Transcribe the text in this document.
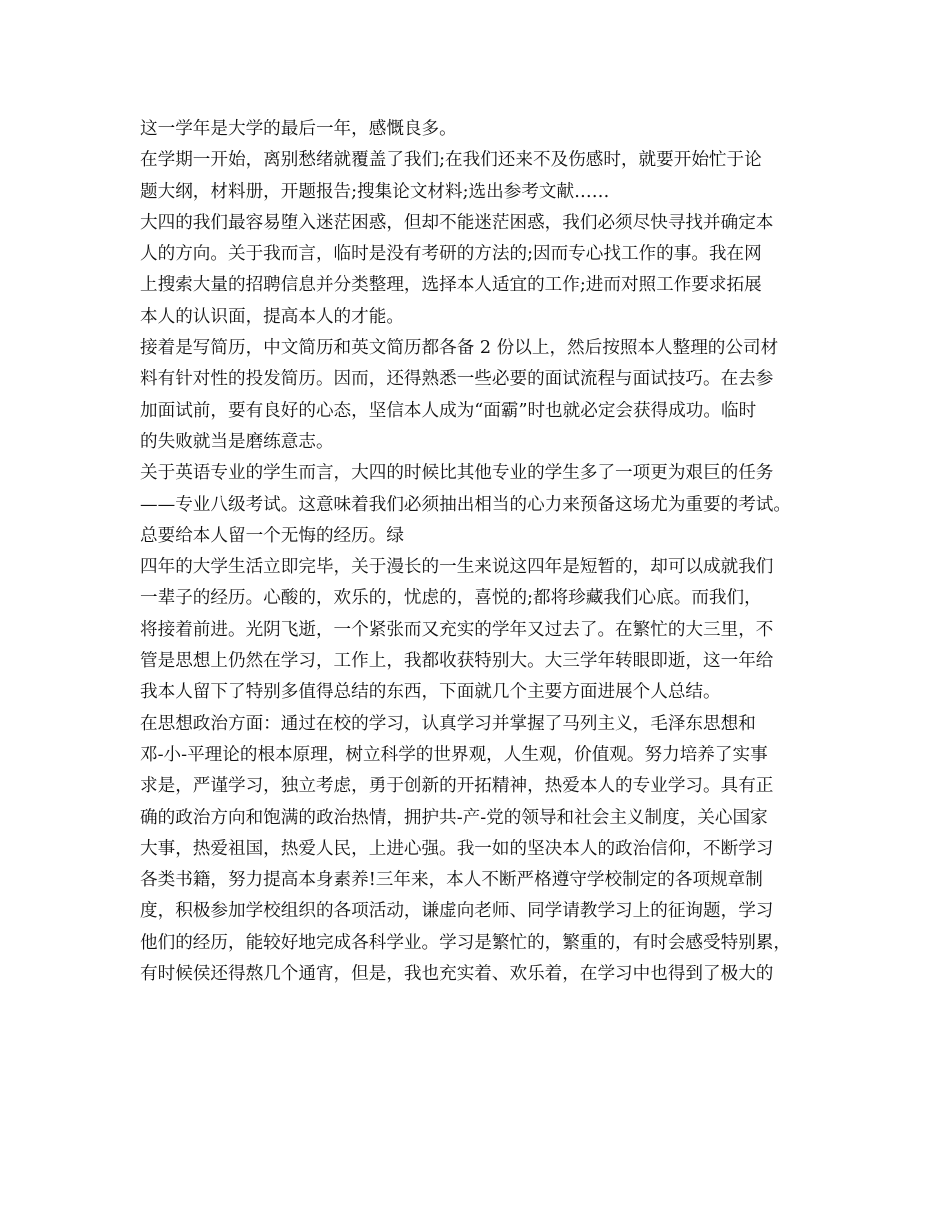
这一学年是大学的最后一年，感慨良多。
在学期一开始，离别愁绪就覆盖了我们;在我们还来不及伤感时，就要开始忙于论
题大纲，材料册，开题报告;搜集论文材料;选出参考文献……
大四的我们最容易堕入迷茫困惑，但却不能迷茫困惑，我们必须尽快寻找并确定本
人的方向。关于我而言，临时是没有考研的方法的;因而专心找工作的事。我在网
上搜索大量的招聘信息并分类整理，选择本人适宜的工作;进而对照工作要求拓展
本人的认识面，提高本人的才能。
接着是写简历，中文简历和英文简历都各备 2 份以上，然后按照本人整理的公司材
料有针对性的投发简历。因而，还得熟悉一些必要的面试流程与面试技巧。在去参
加面试前，要有良好的心态，坚信本人成为“面霸”时也就必定会获得成功。临时
的失败就当是磨练意志。
关于英语专业的学生而言，大四的时候比其他专业的学生多了一项更为艰巨的任务
——专业八级考试。这意味着我们必须抽出相当的心力来预备这场尤为重要的考试。
总要给本人留一个无悔的经历。绿
四年的大学生活立即完毕，关于漫长的一生来说这四年是短暂的，却可以成就我们
一辈子的经历。心酸的，欢乐的，忧虑的，喜悦的;都将珍藏我们心底。而我们，
将接着前进。光阴飞逝，一个紧张而又充实的学年又过去了。在繁忙的大三里，不
管是思想上仍然在学习，工作上，我都收获特别大。大三学年转眼即逝，这一年给
我本人留下了特别多值得总结的东西，下面就几个主要方面进展个人总结。
在思想政治方面：通过在校的学习，认真学习并掌握了马列主义，毛泽东思想和
邓-小-平理论的根本原理，树立科学的世界观，人生观，价值观。努力培养了实事
求是，严谨学习，独立考虑，勇于创新的开拓精神，热爱本人的专业学习。具有正
确的政治方向和饱满的政治热情，拥护共-产-党的领导和社会主义制度，关心国家
大事，热爱祖国，热爱人民，上进心强。我一如的坚决本人的政治信仰，不断学习
各类书籍，努力提高本身素养!三年来，本人不断严格遵守学校制定的各项规章制
度，积极参加学校组织的各项活动，谦虚向老师、同学请教学习上的征询题，学习
他们的经历，能较好地完成各科学业。学习是繁忙的，繁重的，有时会感受特别累，
有时候侯还得熬几个通宵，但是，我也充实着、欢乐着，在学习中也得到了极大的
